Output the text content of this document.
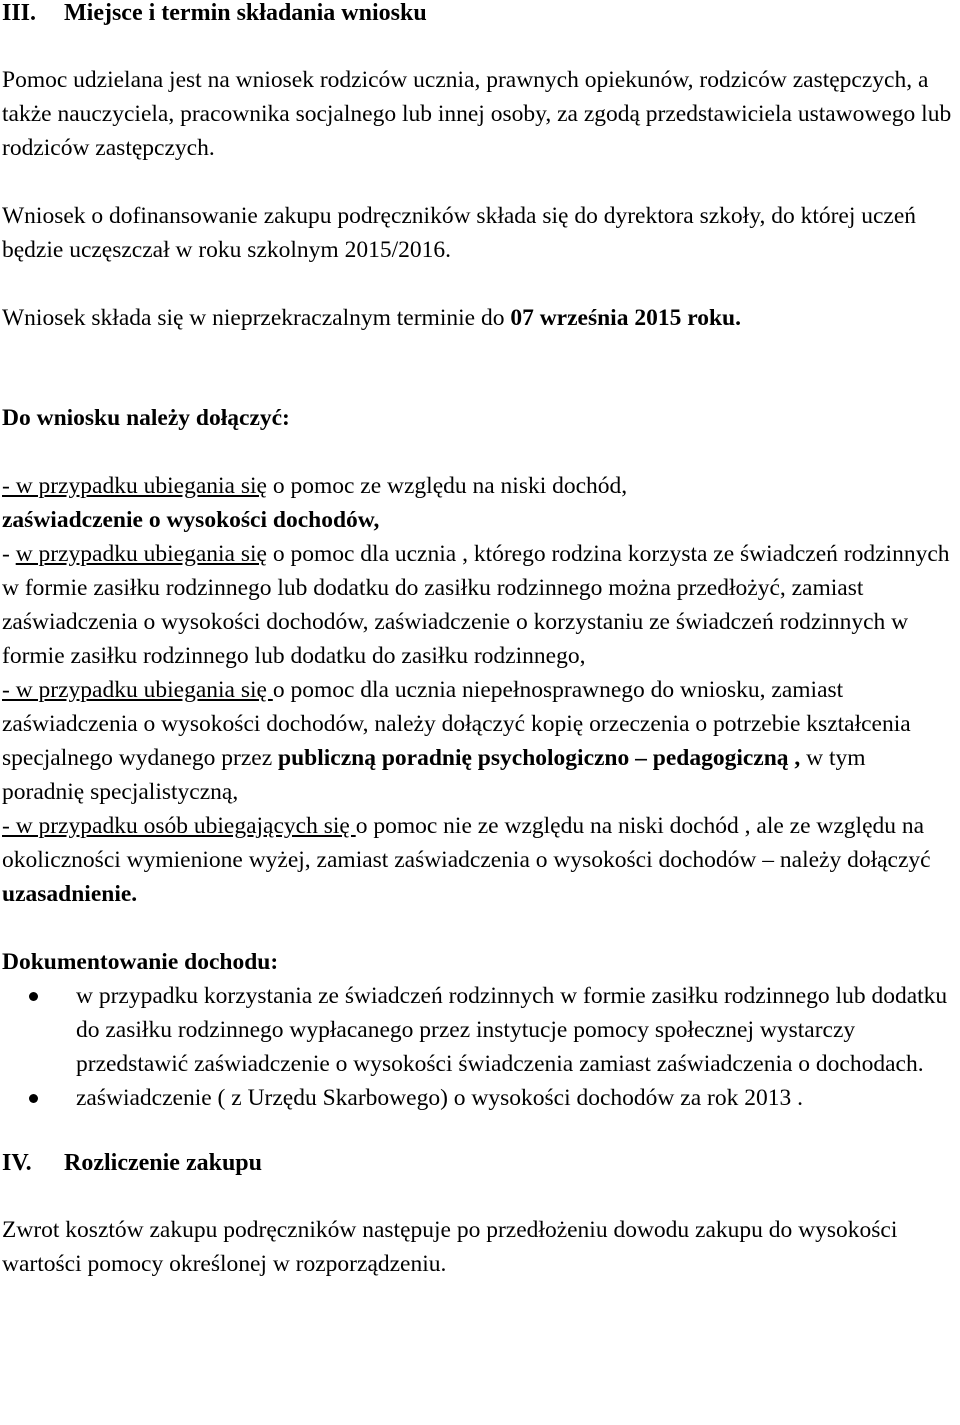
III. Miejsce i termin składania wniosku

Pomoc udzielana jest na wniosek rodziców ucznia, prawnych opiekunów, rodziców zastępczych, a także nauczyciela, pracownika socjalnego lub innej osoby, za zgodą przedstawiciela ustawowego lub rodziców zastępczych.

Wniosek o dofinansowanie zakupu podręczników składa się do dyrektora szkoły, do której uczeń będzie uczęszczał w roku szkolnym 2015/2016.

Wniosek składa się w nieprzekraczalnym terminie do 07 września 2015 roku.

Do wniosku należy dołączyć:

- w przypadku ubiegania się o pomoc ze względu na niski dochód,
zaświadczenie o wysokości dochodów,

- w przypadku ubiegania się o pomoc dla ucznia , którego rodzina korzysta ze świadczeń rodzinnych w formie zasiłku rodzinnego lub dodatku do zasiłku rodzinnego można przedłożyć, zamiast zaświadczenia o wysokości dochodów, zaświadczenie o korzystaniu ze świadczeń rodzinnych w formie zasiłku rodzinnego lub dodatku do zasiłku rodzinnego,

- w przypadku ubiegania się o pomoc dla ucznia niepełnosprawnego do wniosku, zamiast zaświadczenia o wysokości dochodów, należy dołączyć kopię orzeczenia o potrzebie kształcenia specjalnego wydanego przez publiczną poradnię psychologiczno – pedagogiczną , w tym poradnię specjalistyczną,

- w przypadku osób ubiegających się o pomoc nie ze względu na niski dochód , ale ze względu na okoliczności wymienione wyżej, zamiast zaświadczenia o wysokości dochodów – należy dołączyć uzasadnienie.

Dokumentowanie dochodu:

w przypadku korzystania ze świadczeń rodzinnych w formie zasiłku rodzinnego lub dodatku do zasiłku rodzinnego wypłacanego przez instytucje pomocy społecznej wystarczy przedstawić zaświadczenie o wysokości świadczenia zamiast zaświadczenia o dochodach.
zaświadczenie ( z Urzędu Skarbowego) o wysokości dochodów za rok 2013 .

IV. Rozliczenie zakupu

Zwrot kosztów zakupu podręczników następuje po przedłożeniu dowodu zakupu do wysokości wartości pomocy określonej w rozporządzeniu.
